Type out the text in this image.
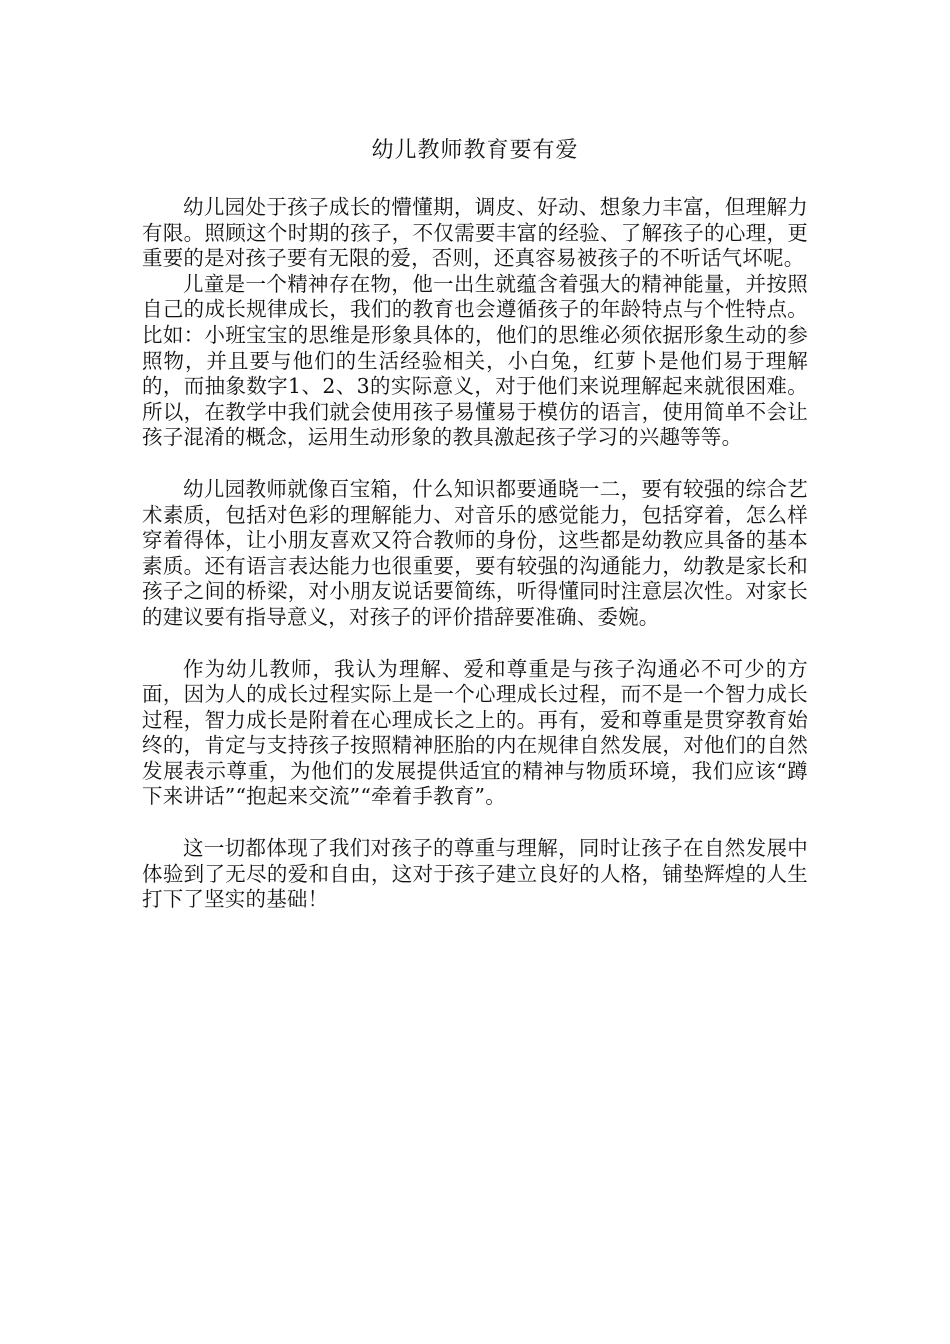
幼儿教师教育要有爱

幼儿园处于孩子成长的懵懂期，调皮、好动、想象力丰富，但理解力有限。照顾这个时期的孩子，不仅需要丰富的经验、了解孩子的心理，更重要的是对孩子要有无限的爱，否则，还真容易被孩子的不听话气坏呢。

儿童是一个精神存在物，他一出生就蕴含着强大的精神能量，并按照自己的成长规律成长，我们的教育也会遵循孩子的年龄特点与个性特点。比如：小班宝宝的思维是形象具体的，他们的思维必须依据形象生动的参照物，并且要与他们的生活经验相关，小白兔，红萝卜是他们易于理解的，而抽象数字1、2、3的实际意义，对于他们来说理解起来就很困难。所以，在教学中我们就会使用孩子易懂易于模仿的语言，使用简单不会让孩子混淆的概念，运用生动形象的教具激起孩子学习的兴趣等等。

幼儿园教师就像百宝箱，什么知识都要通晓一二，要有较强的综合艺术素质，包括对色彩的理解能力、对音乐的感觉能力，包括穿着，怎么样穿着得体，让小朋友喜欢又符合教师的身份，这些都是幼教应具备的基本素质。还有语言表达能力也很重要，要有较强的沟通能力，幼教是家长和孩子之间的桥梁，对小朋友说话要简练，听得懂同时注意层次性。对家长的建议要有指导意义，对孩子的评价措辞要准确、委婉。

作为幼儿教师，我认为理解、爱和尊重是与孩子沟通必不可少的方面，因为人的成长过程实际上是一个心理成长过程，而不是一个智力成长过程，智力成长是附着在心理成长之上的。再有，爱和尊重是贯穿教育始终的，肯定与支持孩子按照精神胚胎的内在规律自然发展，对他们的自然发展表示尊重，为他们的发展提供适宜的精神与物质环境，我们应该“蹲下来讲话”“抱起来交流”“牵着手教育”。

这一切都体现了我们对孩子的尊重与理解，同时让孩子在自然发展中体验到了无尽的爱和自由，这对于孩子建立良好的人格，铺垫辉煌的人生打下了坚实的基础！
